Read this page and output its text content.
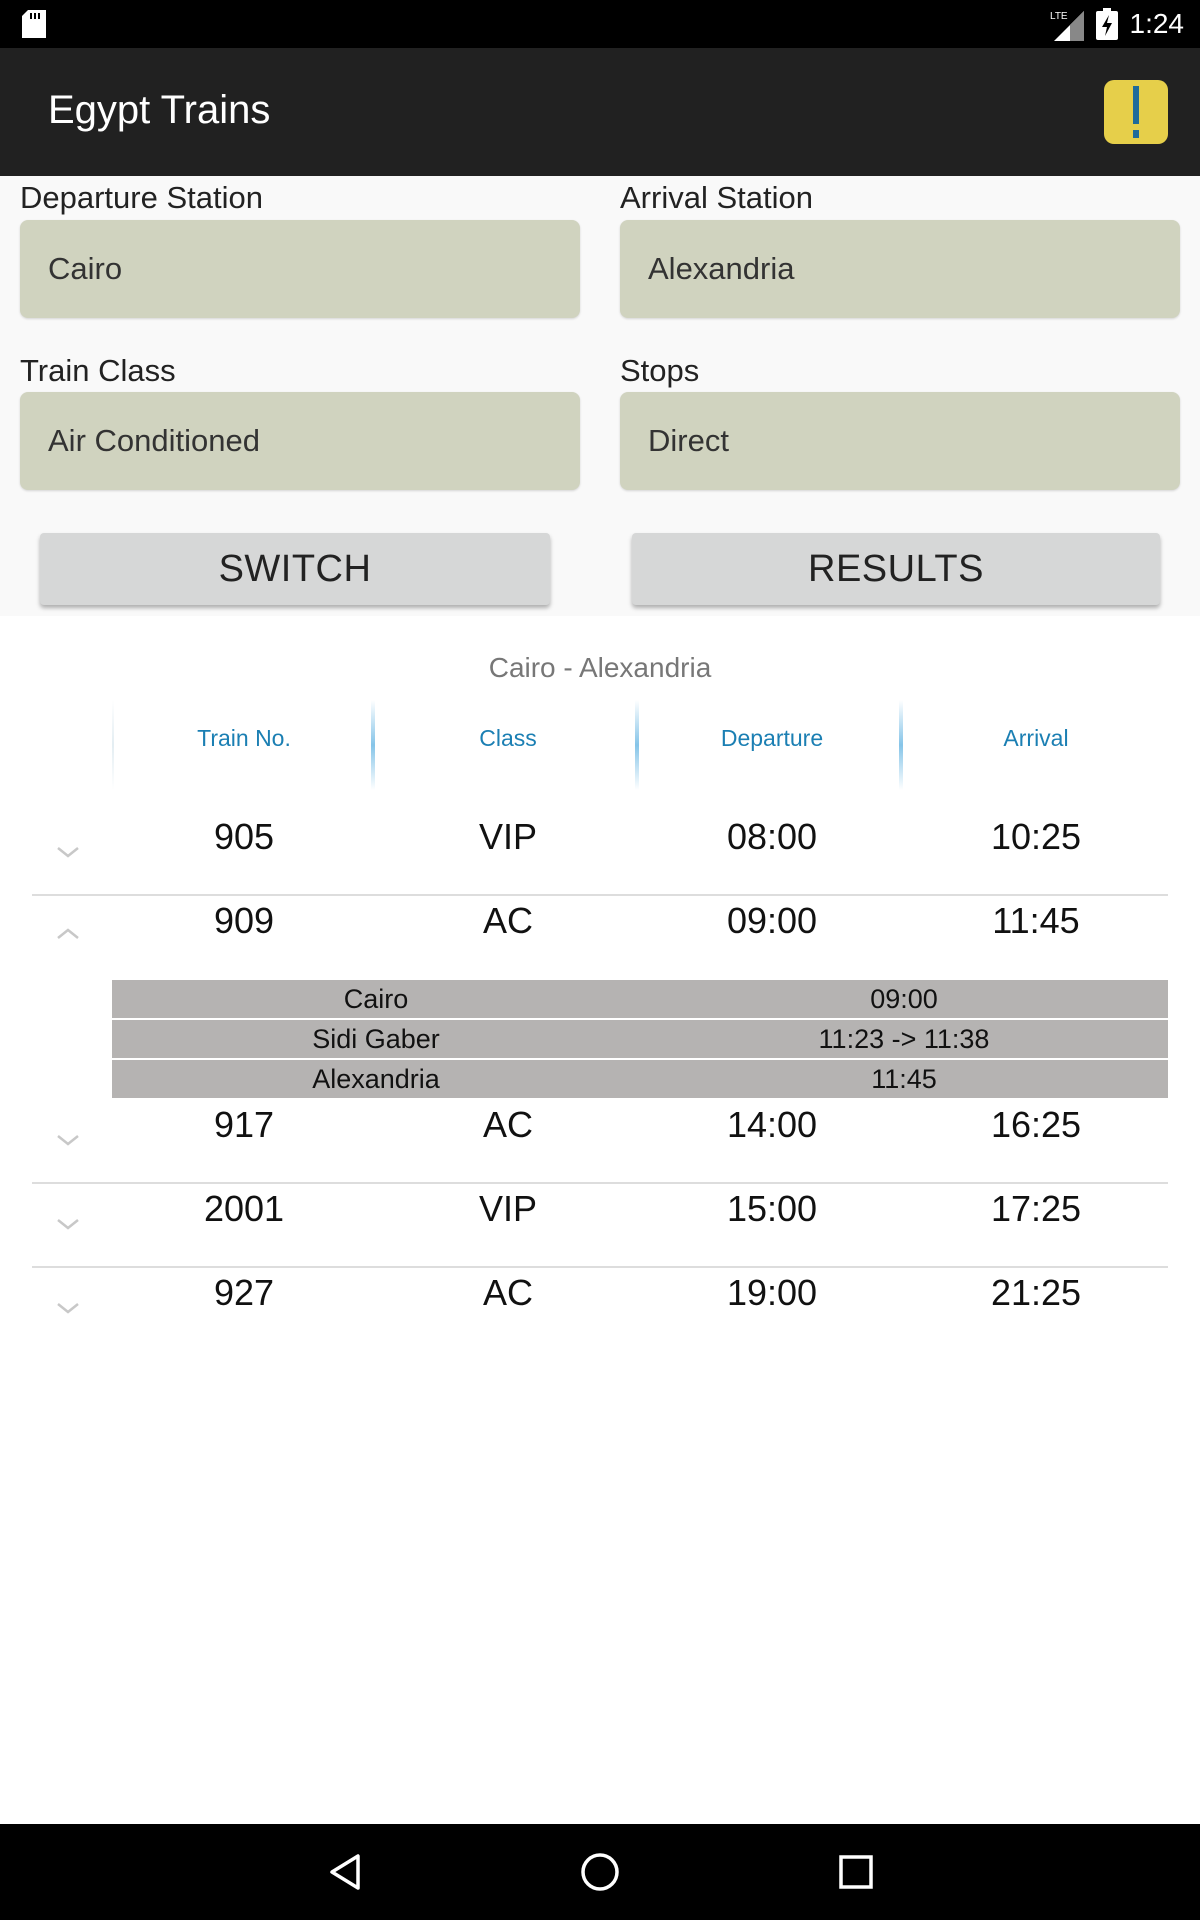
LTE 1:24
Egypt Trains
Departure Station
Cairo
Arrival Station
Alexandria
Train Class
Air Conditioned
Stops
Direct
SWITCH	RESULTS
Cairo - Alexandria
Train No.	Class	Departure	Arrival
905	VIP	08:00	10:25
909	AC	09:00	11:45
Cairo	09:00
Sidi Gaber	11:23 -> 11:38
Alexandria	11:45
917	AC	14:00	16:25
2001	VIP	15:00	17:25
927	AC	19:00	21:25
